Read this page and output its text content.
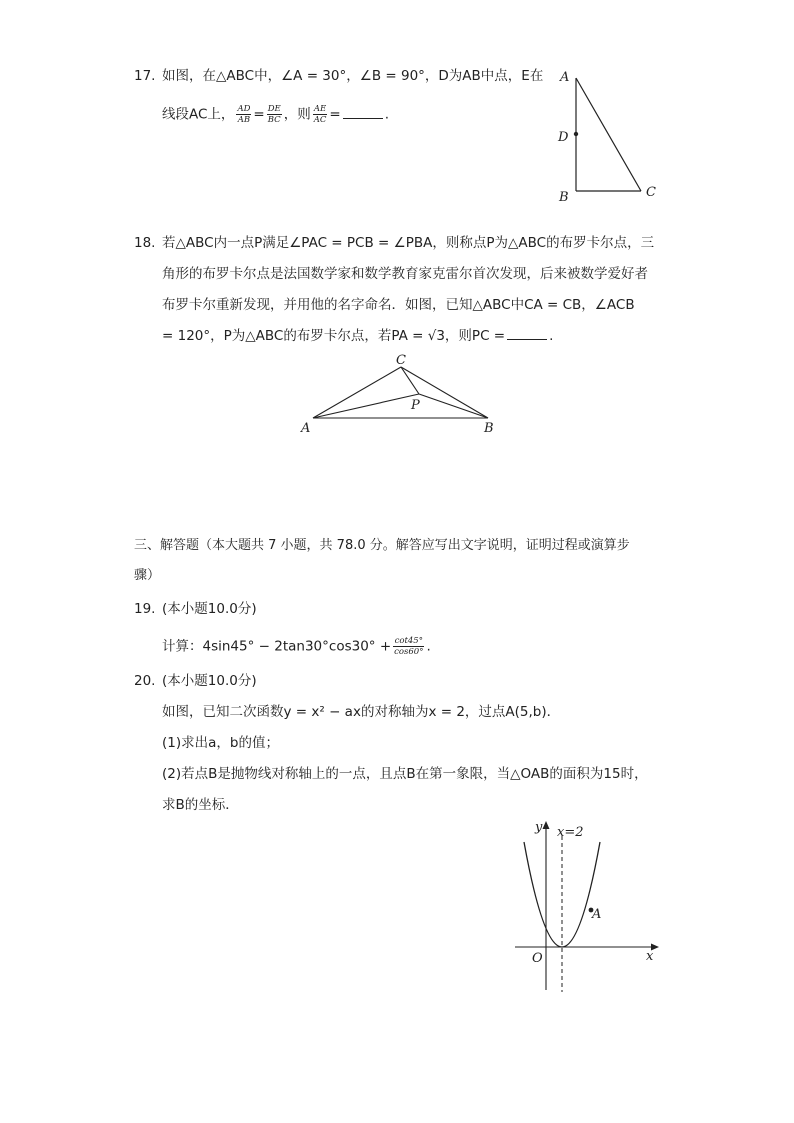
17. 如图，在△ABC中，∠A = 30°，∠B = 90°，D为AB中点，E在
线段AC上， $\frac{AD}{AB} = \frac{DE}{BC}$ ，则 $\frac{AE}{AC}$ =	.
A
D
B	C
18. 若△ABC内一点P满足∠PAC = PCB = ∠PBA，则称点P为△ABC的布罗卡尔点，三
角形的布罗卡尔点是法国数学家和数学教育家克雷尔首次发现，后来被数学爱好者
布罗卡尔重新发现，并用他的名字命名．如图，已知△ABC中CA = CB，∠ACB
= 120°，P为△ABC的布罗卡尔点，若PA = √3，则PC =	.
C
P
A	B
三、解答题（本大题共 7 小题，共 78.0 分。解答应写出文字说明，证明过程或演算步
骤）
19. (本小题10.0分)
计算：$4\sin 45^\circ - 2\tan 30^\circ\cos 30^\circ + \frac{\cot 45^\circ}{\cos 60^\circ}$ .
20. (本小题10.0分)
如图，已知二次函数y = x² − ax的对称轴为x = 2，过点A(5,b)．
(1)求出a，b的值；
(2)若点B是抛物线对称轴上的一点，且点B在第一象限，当△OAB的面积为15时，
求B的坐标．
y x=2
A
O	x
